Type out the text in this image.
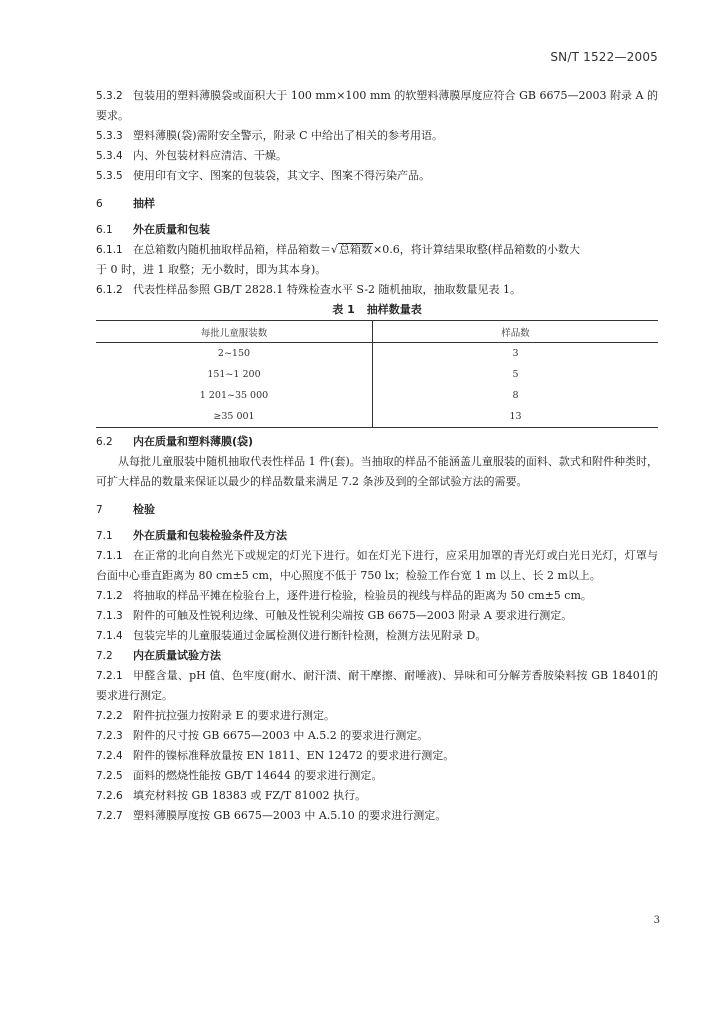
SN/T 1522—2005

5.3.2 包装用的塑料薄膜袋或面积大于 100 mm×100 mm 的软塑料薄膜厚度应符合 GB 6675—2003 附录 A 的要求。

5.3.3 塑料薄膜(袋)需附安全警示，附录 C 中给出了相关的参考用语。

5.3.4 内、外包装材料应清洁、干燥。

5.3.5 使用印有文字、图案的包装袋，其文字、图案不得污染产品。

6	抽样

6.1 外在质量和包装

6.1.1 在总箱数内随机抽取样品箱，样品箱数＝√总箱数×0.6，将计算结果取整(样品箱数的小数大

于 0 时，进 1 取整；无小数时，即为其本身)。

6.1.2 代表性样品参照 GB/T 2828.1 特殊检查水平 S-2 随机抽取，抽取数量见表 1。

表 1 抽样数量表
每批儿童服装数	样品数
2~150	3
151~1 200	5
1 201~35 000	8
≥35 001	13

6.2 内在质量和塑料薄膜(袋)

从每批儿童服装中随机抽取代表性样品 1 件(套)。当抽取的样品不能涵盖儿童服装的面料、款式和附件种类时，可扩大样品的数量来保证以最少的样品数量来满足 7.2 条涉及到的全部试验方法的需要。

7	检验

7.1 外在质量和包装检验条件及方法

7.1.1 在正常的北向自然光下或规定的灯光下进行。如在灯光下进行，应采用加罩的青光灯或白光日光灯，灯罩与台面中心垂直距离为 80 cm±5 cm，中心照度不低于 750 lx；检验工作台宽 1 m 以上、长 2 m以上。

7.1.2 将抽取的样品平摊在检验台上，逐件进行检验，检验员的视线与样品的距离为 50 cm±5 cm。

7.1.3 附件的可触及性锐利边缘、可触及性锐利尖端按 GB 6675—2003 附录 A 要求进行测定。

7.1.4 包装完毕的儿童服装通过金属检测仪进行断针检测，检测方法见附录 D。

7.2 内在质量试验方法

7.2.1 甲醛含量、pH 值、色牢度(耐水、耐汗渍、耐干摩擦、耐唾液)、异味和可分解芳香胺染料按 GB 18401的要求进行测定。

7.2.2 附件抗拉强力按附录 E 的要求进行测定。

7.2.3 附件的尺寸按 GB 6675—2003 中 A.5.2 的要求进行测定。

7.2.4 附件的镍标准释放量按 EN 1811、EN 12472 的要求进行测定。

7.2.5 面料的燃烧性能按 GB/T 14644 的要求进行测定。

7.2.6 填充材料按 GB 18383 或 FZ/T 81002 执行。

7.2.7 塑料薄膜厚度按 GB 6675—2003 中 A.5.10 的要求进行测定。

3
